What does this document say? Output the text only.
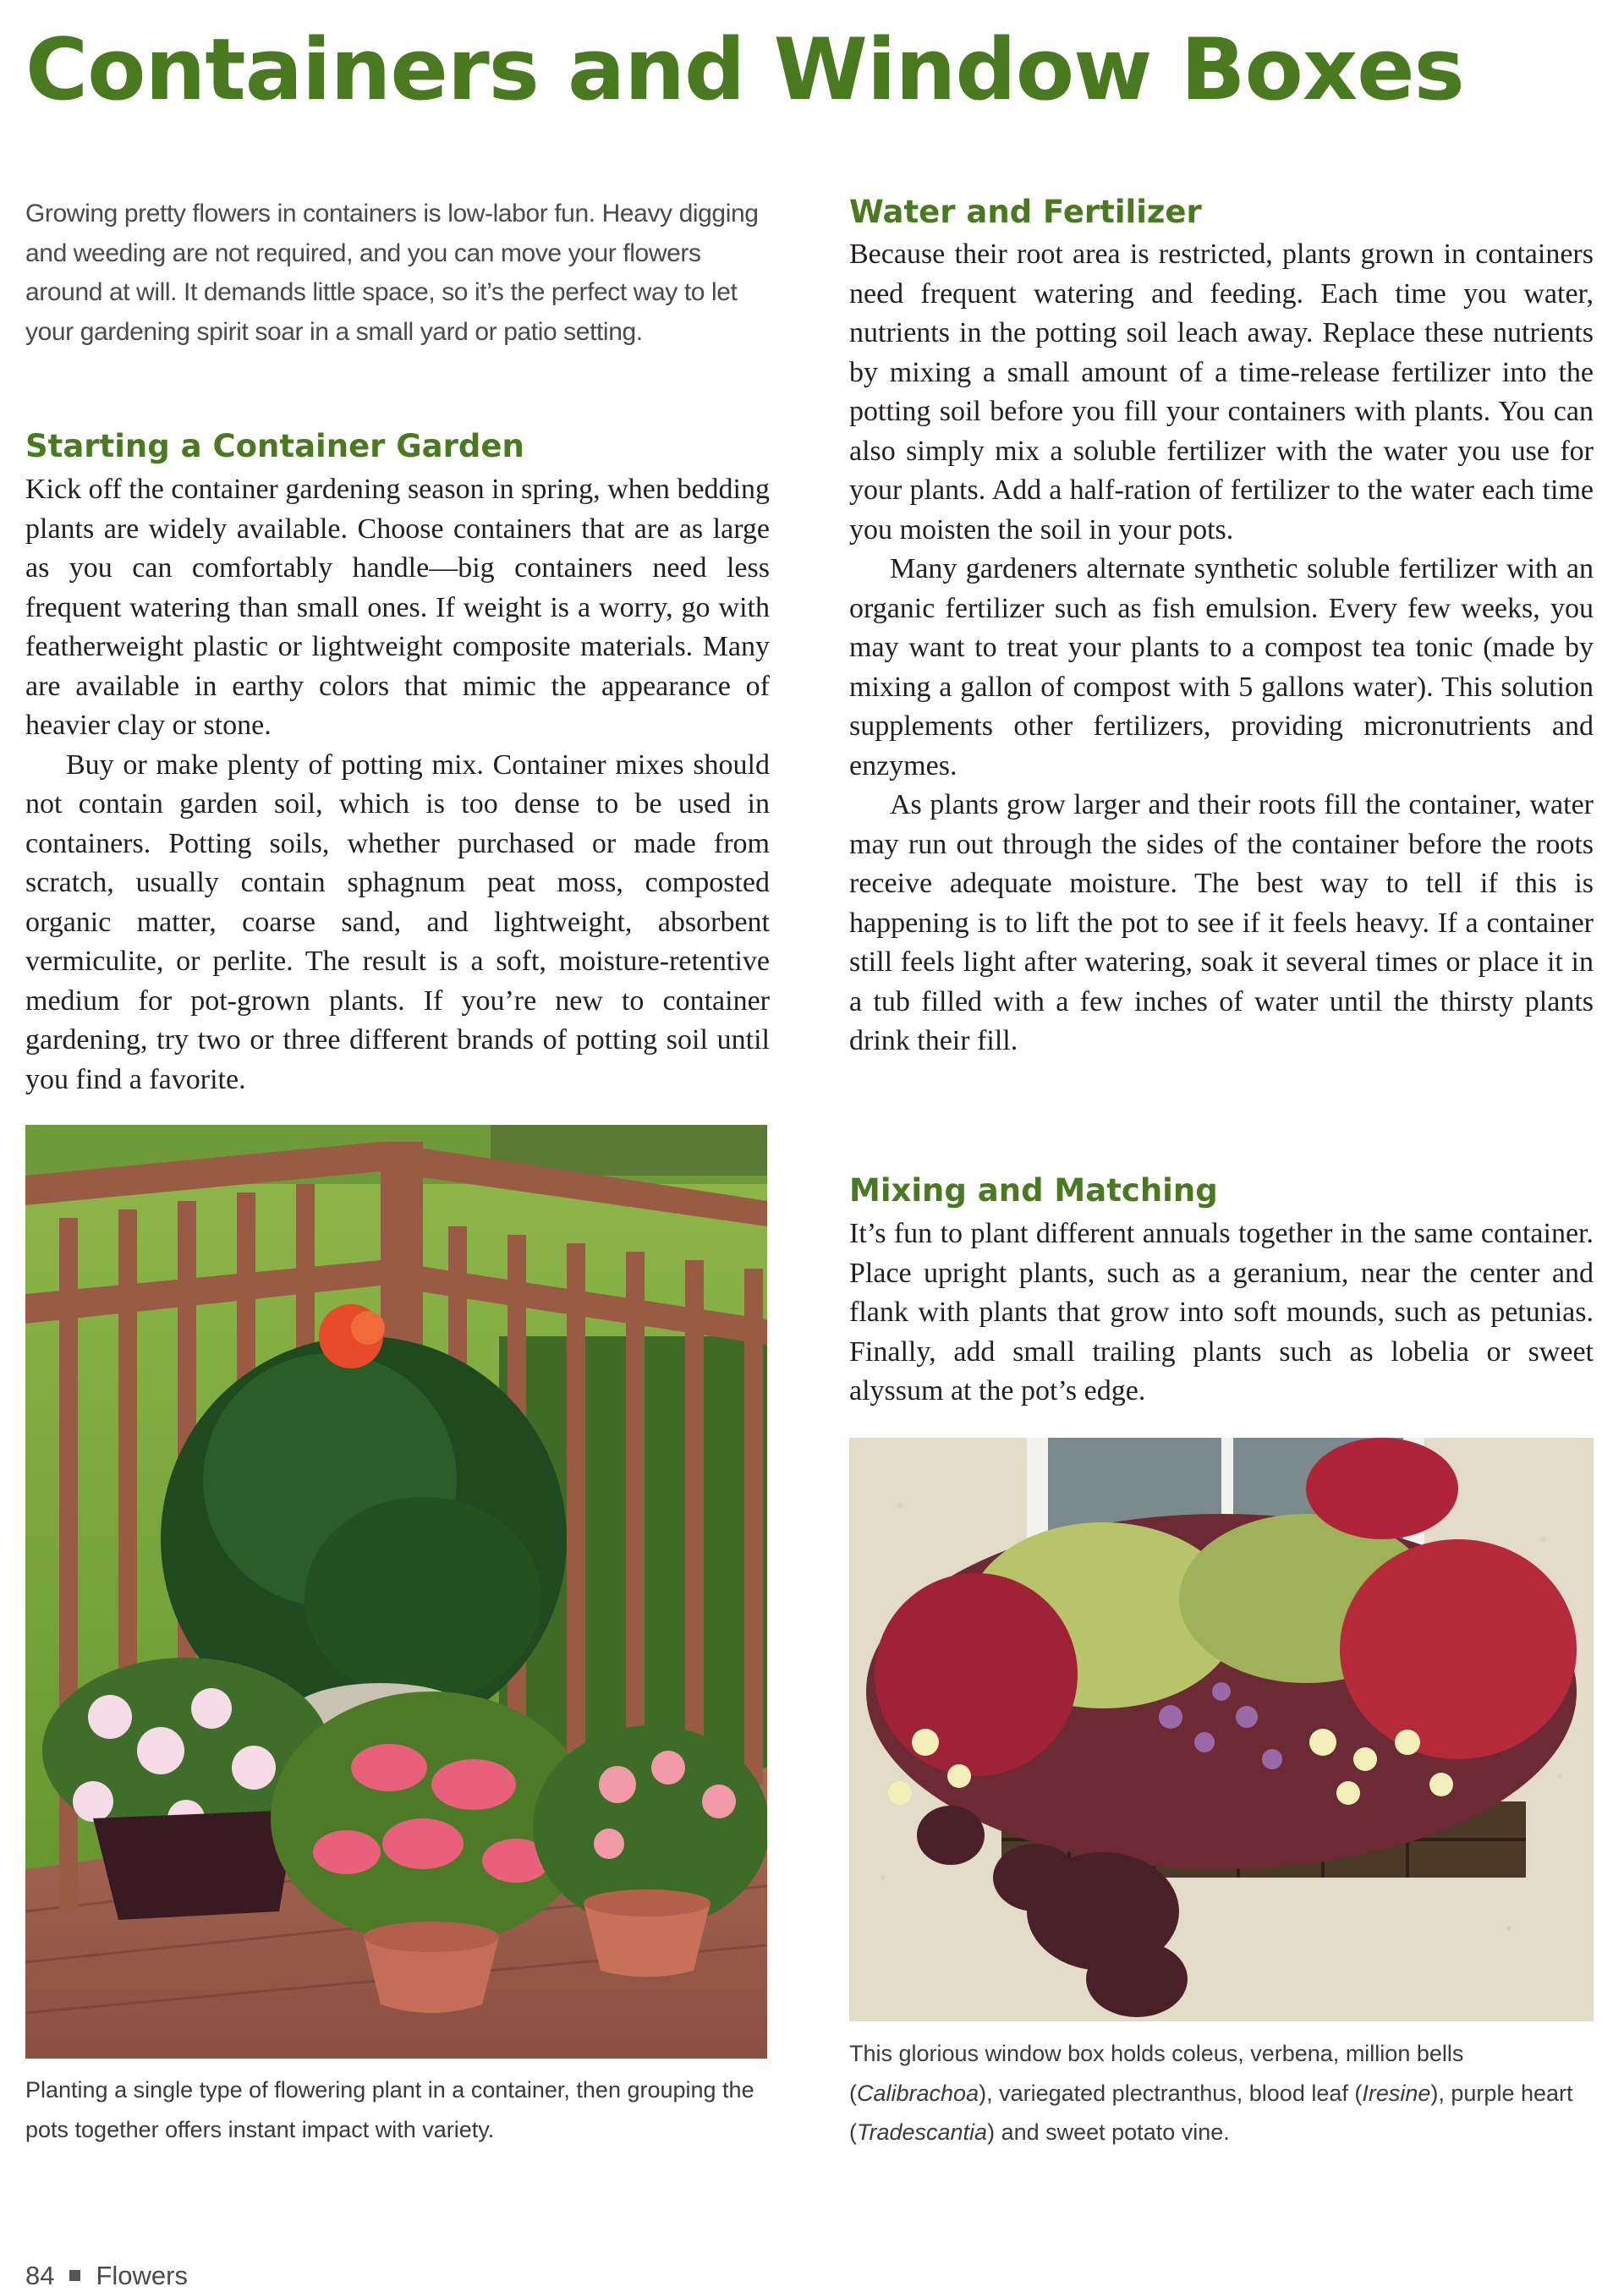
Containers and Window Boxes

Growing pretty flowers in containers is low-labor fun. Heavy digging and weeding are not required, and you can move your flowers around at will. It demands little space, so it’s the perfect way to let your gardening spirit soar in a small yard or patio setting.

Starting a Container Garden

Kick off the container gardening season in spring, when bedding plants are widely available. Choose containers that are as large as you can comfortably handle—big containers need less frequent watering than small ones. If weight is a worry, go with featherweight plastic or lightweight composite materials. Many are available in earthy colors that mimic the appearance of heavier clay or stone.

Buy or make plenty of potting mix. Container mixes should not contain garden soil, which is too dense to be used in containers. Potting soils, whether purchased or made from scratch, usually contain sphagnum peat moss, composted organic matter, coarse sand, and lightweight, absorbent vermiculite, or perlite. The result is a soft, moisture-retentive medium for pot-grown plants. If you’re new to container gardening, try two or three different brands of potting soil until you find a favorite.

Planting a single type of flowering plant in a container, then grouping the pots together offers instant impact with variety.

Water and Fertilizer

Because their root area is restricted, plants grown in containers need frequent watering and feeding. Each time you water, nutrients in the potting soil leach away. Replace these nutrients by mixing a small amount of a time-release fertilizer into the potting soil before you fill your containers with plants. You can also simply mix a soluble fertilizer with the water you use for your plants. Add a half-ration of fertilizer to the water each time you moisten the soil in your pots.

Many gardeners alternate synthetic soluble fertilizer with an organic fertilizer such as fish emulsion. Every few weeks, you may want to treat your plants to a compost tea tonic (made by mixing a gallon of compost with 5 gallons water). This solution supplements other fertilizers, providing micronutrients and enzymes.

As plants grow larger and their roots fill the container, water may run out through the sides of the container before the roots receive adequate moisture. The best way to tell if this is happening is to lift the pot to see if it feels heavy. If a container still feels light after watering, soak it several times or place it in a tub filled with a few inches of water until the thirsty plants drink their fill.

Mixing and Matching

It’s fun to plant different annuals together in the same container. Place upright plants, such as a geranium, near the center and flank with plants that grow into soft mounds, such as petunias. Finally, add small trailing plants such as lobelia or sweet alyssum at the pot’s edge.

This glorious window box holds coleus, verbena, million bells (Calibrachoa), variegated plectranthus, blood leaf (Iresine), purple heart (Tradescantia) and sweet potato vine.

84 Flowers
